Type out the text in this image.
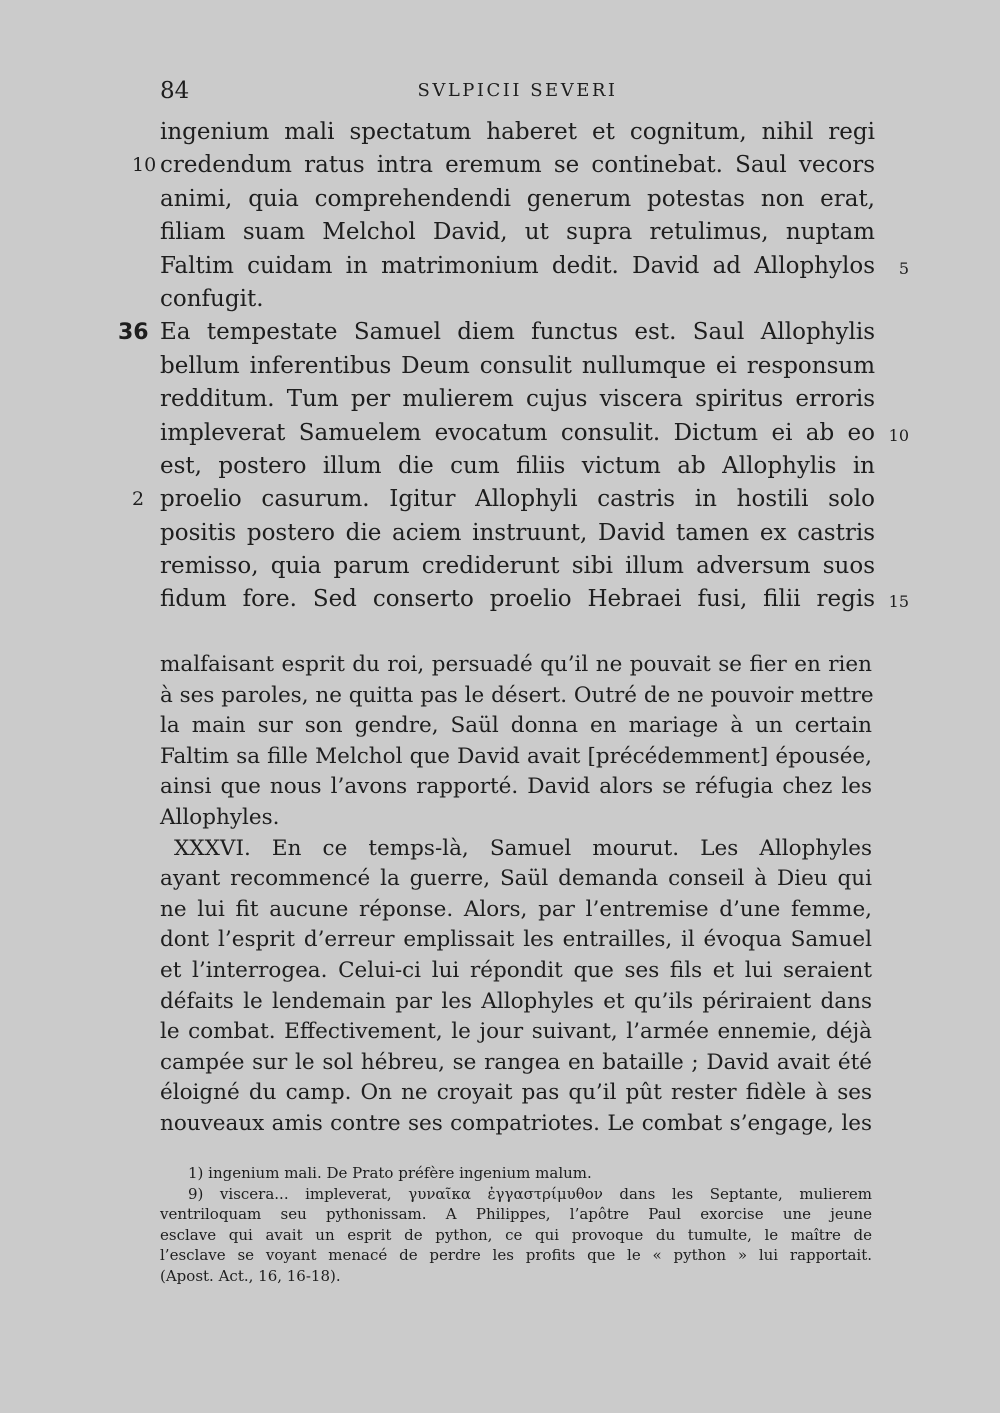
84	SVLPICII SEVERI
ingenium mali spectatum haberet et cognitum, nihil regi
10 credendum ratus intra eremum se continebat. Saul vecors
animi, quia comprehendendi generum potestas non erat,
filiam suam Melchol David, ut supra retulimus, nuptam
Faltim cuidam in matrimonium dedit. David ad Allophylos 5
confugit.
36 Ea tempestate Samuel diem functus est. Saul Allophylis
bellum inferentibus Deum consulit nullumque ei responsum
redditum. Tum per mulierem cujus viscera spiritus erroris
impleverat Samuelem evocatum consulit. Dictum ei ab eo 10
est, postero illum die cum filiis victum ab Allophylis in
2 proelio casurum. Igitur Allophyli castris in hostili solo
positis postero die aciem instruunt, David tamen ex castris
remisso, quia parum crediderunt sibi illum adversum suos
fidum fore. Sed conserto proelio Hebraei fusi, filii regis 15
malfaisant esprit du roi, persuadé qu’il ne pouvait se fier en rien
à ses paroles, ne quitta pas le désert. Outré de ne pouvoir mettre
la main sur son gendre, Saül donna en mariage à un certain
Faltim sa fille Melchol que David avait [précédemment] épousée,
ainsi que nous l’avons rapporté. David alors se réfugia chez les
Allophyles.
XXXVI. En ce temps-là, Samuel mourut. Les Allophyles
ayant recommencé la guerre, Saül demanda conseil à Dieu qui
ne lui fit aucune réponse. Alors, par l’entremise d’une femme,
dont l’esprit d’erreur emplissait les entrailles, il évoqua Samuel
et l’interrogea. Celui-ci lui répondit que ses fils et lui seraient
défaits le lendemain par les Allophyles et qu’ils périraient dans
le combat. Effectivement, le jour suivant, l’armée ennemie, déjà
campée sur le sol hébreu, se rangea en bataille ; David avait été
éloigné du camp. On ne croyait pas qu’il pût rester fidèle à ses
nouveaux amis contre ses compatriotes. Le combat s’engage, les
1) ingenium mali. De Prato préfère ingenium malum.
9) viscera... impleverat, γυναῖκα ἐγγαστρίμυθον dans les Septante, mulierem
ventriloquam seu pythonissam. A Philippes, l’apôtre Paul exorcise une jeune
esclave qui avait un esprit de python, ce qui provoque du tumulte, le maître de
l’esclave se voyant menacé de perdre les profits que le « python » lui rapportait.
(Apost. Act., 16, 16-18).
